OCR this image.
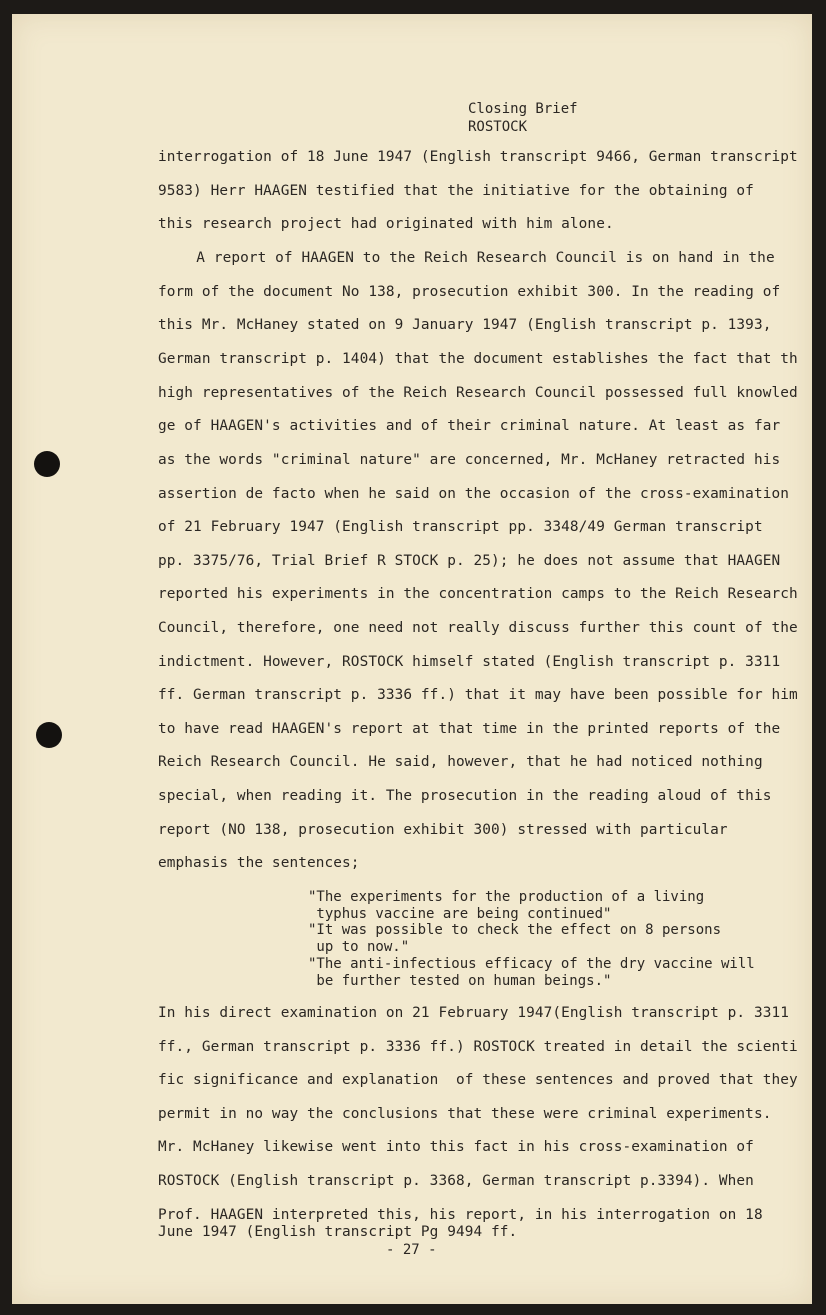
Closing Brief
ROSTOCK
interrogation of 18 June 1947 (English transcript 9466, German transcript
9583) Herr HAAGEN testified that the initiative for the obtaining of
this research project had originated with him alone.
A report of HAAGEN to the Reich Research Council is on hand in the
form of the document No 138, prosecution exhibit 300. In the reading of
this Mr. McHaney stated on 9 January 1947 (English transcript p. 1393,
German transcript p. 1404) that the document establishes the fact that th
high representatives of the Reich Research Council possessed full knowled
ge of HAAGEN's activities and of their criminal nature. At least as far
as the words "criminal nature" are concerned, Mr. McHaney retracted his
assertion de facto when he said on the occasion of the cross-examination
of 21 February 1947 (English transcript pp. 3348/49 German transcript
pp. 3375/76, Trial Brief R STOCK p. 25); he does not assume that HAAGEN
reported his experiments in the concentration camps to the Reich Research
Council, therefore, one need not really discuss further this count of the
indictment. However, ROSTOCK himself stated (English transcript p. 3311
ff. German transcript p. 3336 ff.) that it may have been possible for him
to have read HAAGEN's report at that time in the printed reports of the
Reich Research Council. He said, however, that he had noticed nothing
special, when reading it. The prosecution in the reading aloud of this
report (NO 138, prosecution exhibit 300) stressed with particular
emphasis the sentences;
"The experiments for the production of a living
typhus vaccine are being continued"
"It was possible to check the effect on 8 persons
up to now."
"The anti-infectious efficacy of the dry vaccine will
be further tested on human beings."
In his direct examination on 21 February 1947(English transcript p. 3311
ff., German transcript p. 3336 ff.) ROSTOCK treated in detail the scienti
fic significance and explanation  of these sentences and proved that they
permit in no way the conclusions that these were criminal experiments.
Mr. McHaney likewise went into this fact in his cross-examination of
ROSTOCK (English transcript p. 3368, German transcript p.3394). When
Prof. HAAGEN interpreted this, his report, in his interrogation on 18
June 1947 (English transcript Pg 9494 ff.
- 27 -
